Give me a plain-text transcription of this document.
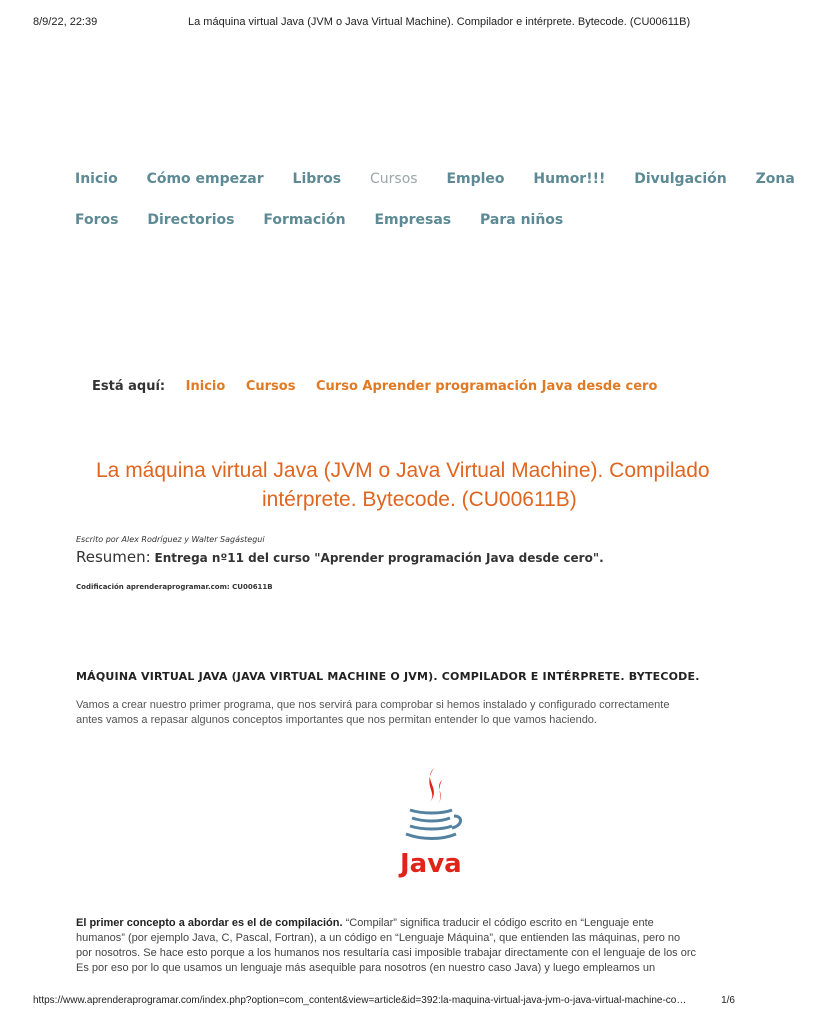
8/9/22, 22:39	La máquina virtual Java (JVM o Java Virtual Machine). Compilador e intérprete. Bytecode. (CU00611B)
Inicio Cómo empezar Libros Cursos Empleo Humor!!! Divulgación Zona
Foros Directorios Formación Empresas Para niños
Está aquí: Inicio Cursos Curso Aprender programación Java desde cero
La máquina virtual Java (JVM o Java Virtual Machine). Compilado
intérprete. Bytecode. (CU00611B)
Escrito por Alex Rodríguez y Walter Sagástegui
Resumen: Entrega nº11 del curso "Aprender programación Java desde cero".
Codificación aprenderaprogramar.com: CU00611B
MÁQUINA VIRTUAL JAVA (JAVA VIRTUAL MACHINE O JVM). COMPILADOR E INTÉRPRETE. BYTECODE.

Vamos a crear nuestro primer programa, que nos servirá para comprobar si hemos instalado y configurado correctamente

antes vamos a repasar algunos conceptos importantes que nos permitan entender lo que vamos haciendo.

Java

El primer concepto a abordar es el de compilación. “Compilar” significa traducir el código escrito en “Lenguaje ente

humanos” (por ejemplo Java, C, Pascal, Fortran), a un código en “Lenguaje Máquina”, que entienden las máquinas, pero no

por nosotros. Se hace esto porque a los humanos nos resultaría casi imposible trabajar directamente con el lenguaje de los orc

Es por eso por lo que usamos un lenguaje más asequible para nosotros (en nuestro caso Java) y luego empleamos un

https://www.aprenderaprogramar.com/index.php?option=com_content&view=article&id=392:la-maquina-virtual-java-jvm-o-java-virtual-machine-co…	1/6
